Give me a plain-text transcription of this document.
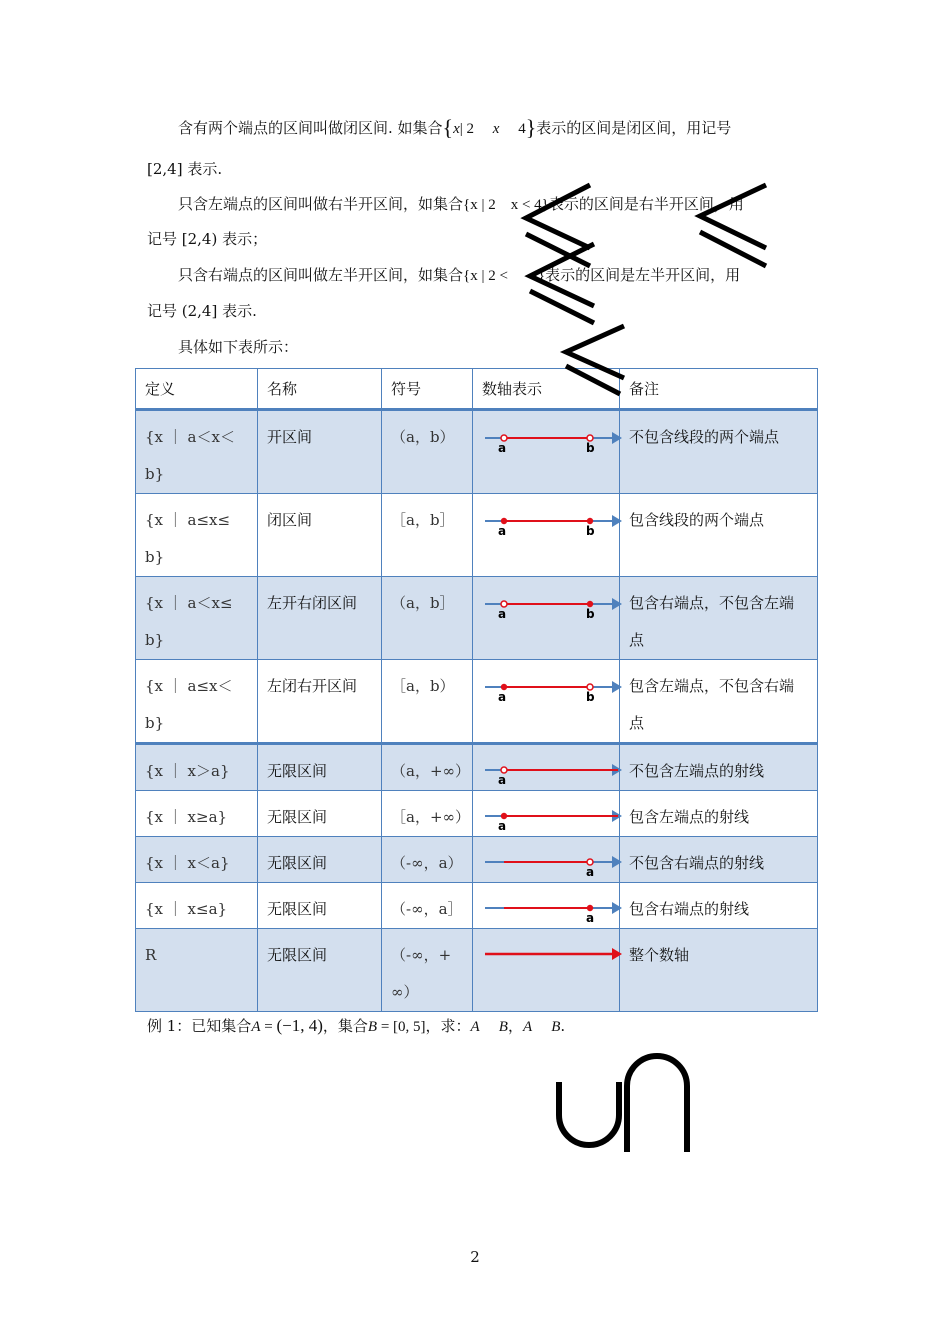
含有两个端点的区间叫做闭区间. 如集合{x| 2 x 4}表示的区间是闭区间，用记号
[2,4] 表示.
只含左端点的区间叫做右半开区间，如集合{x | 2    x < 4}表示的区间是右半开区间，用
记号 [2,4) 表示；
只含右端点的区间叫做左半开区间，如集合{x | 2 <      4}表示的区间是左半开区间，用
记号 (2,4] 表示.
具体如下表所示：
定义	名称	符号	数轴表示	备注
{x ｜ a＜x＜ b}	开区间	（a，b）	a b	不包含线段的两个端点
{x ｜ a≤x≤ b}	闭区间	［a，b］	a b	包含线段的两个端点
{x ｜ a＜x≤ b}	左开右闭区间	（a，b］	a b	包含右端点，不包含左端点
{x ｜ a≤x＜ b}	左闭右开区间	［a，b）	a b	包含左端点，不包含右端点
{x ｜ x＞a}	无限区间	（a，+∞）	a	不包含左端点的射线
{x ｜ x≥a}	无限区间	［a，+∞）	a	包含左端点的射线
{x ｜ x＜a}	无限区间	（-∞，a）	a	不包含右端点的射线
{x ｜ x≤a}	无限区间	（-∞，a］	a	包含右端点的射线
R	无限区间	（-∞，+ ∞）		整个数轴
例 1：已知集合A = (−1, 4)，集合B = [0, 5]，求：A B，A B.
2
